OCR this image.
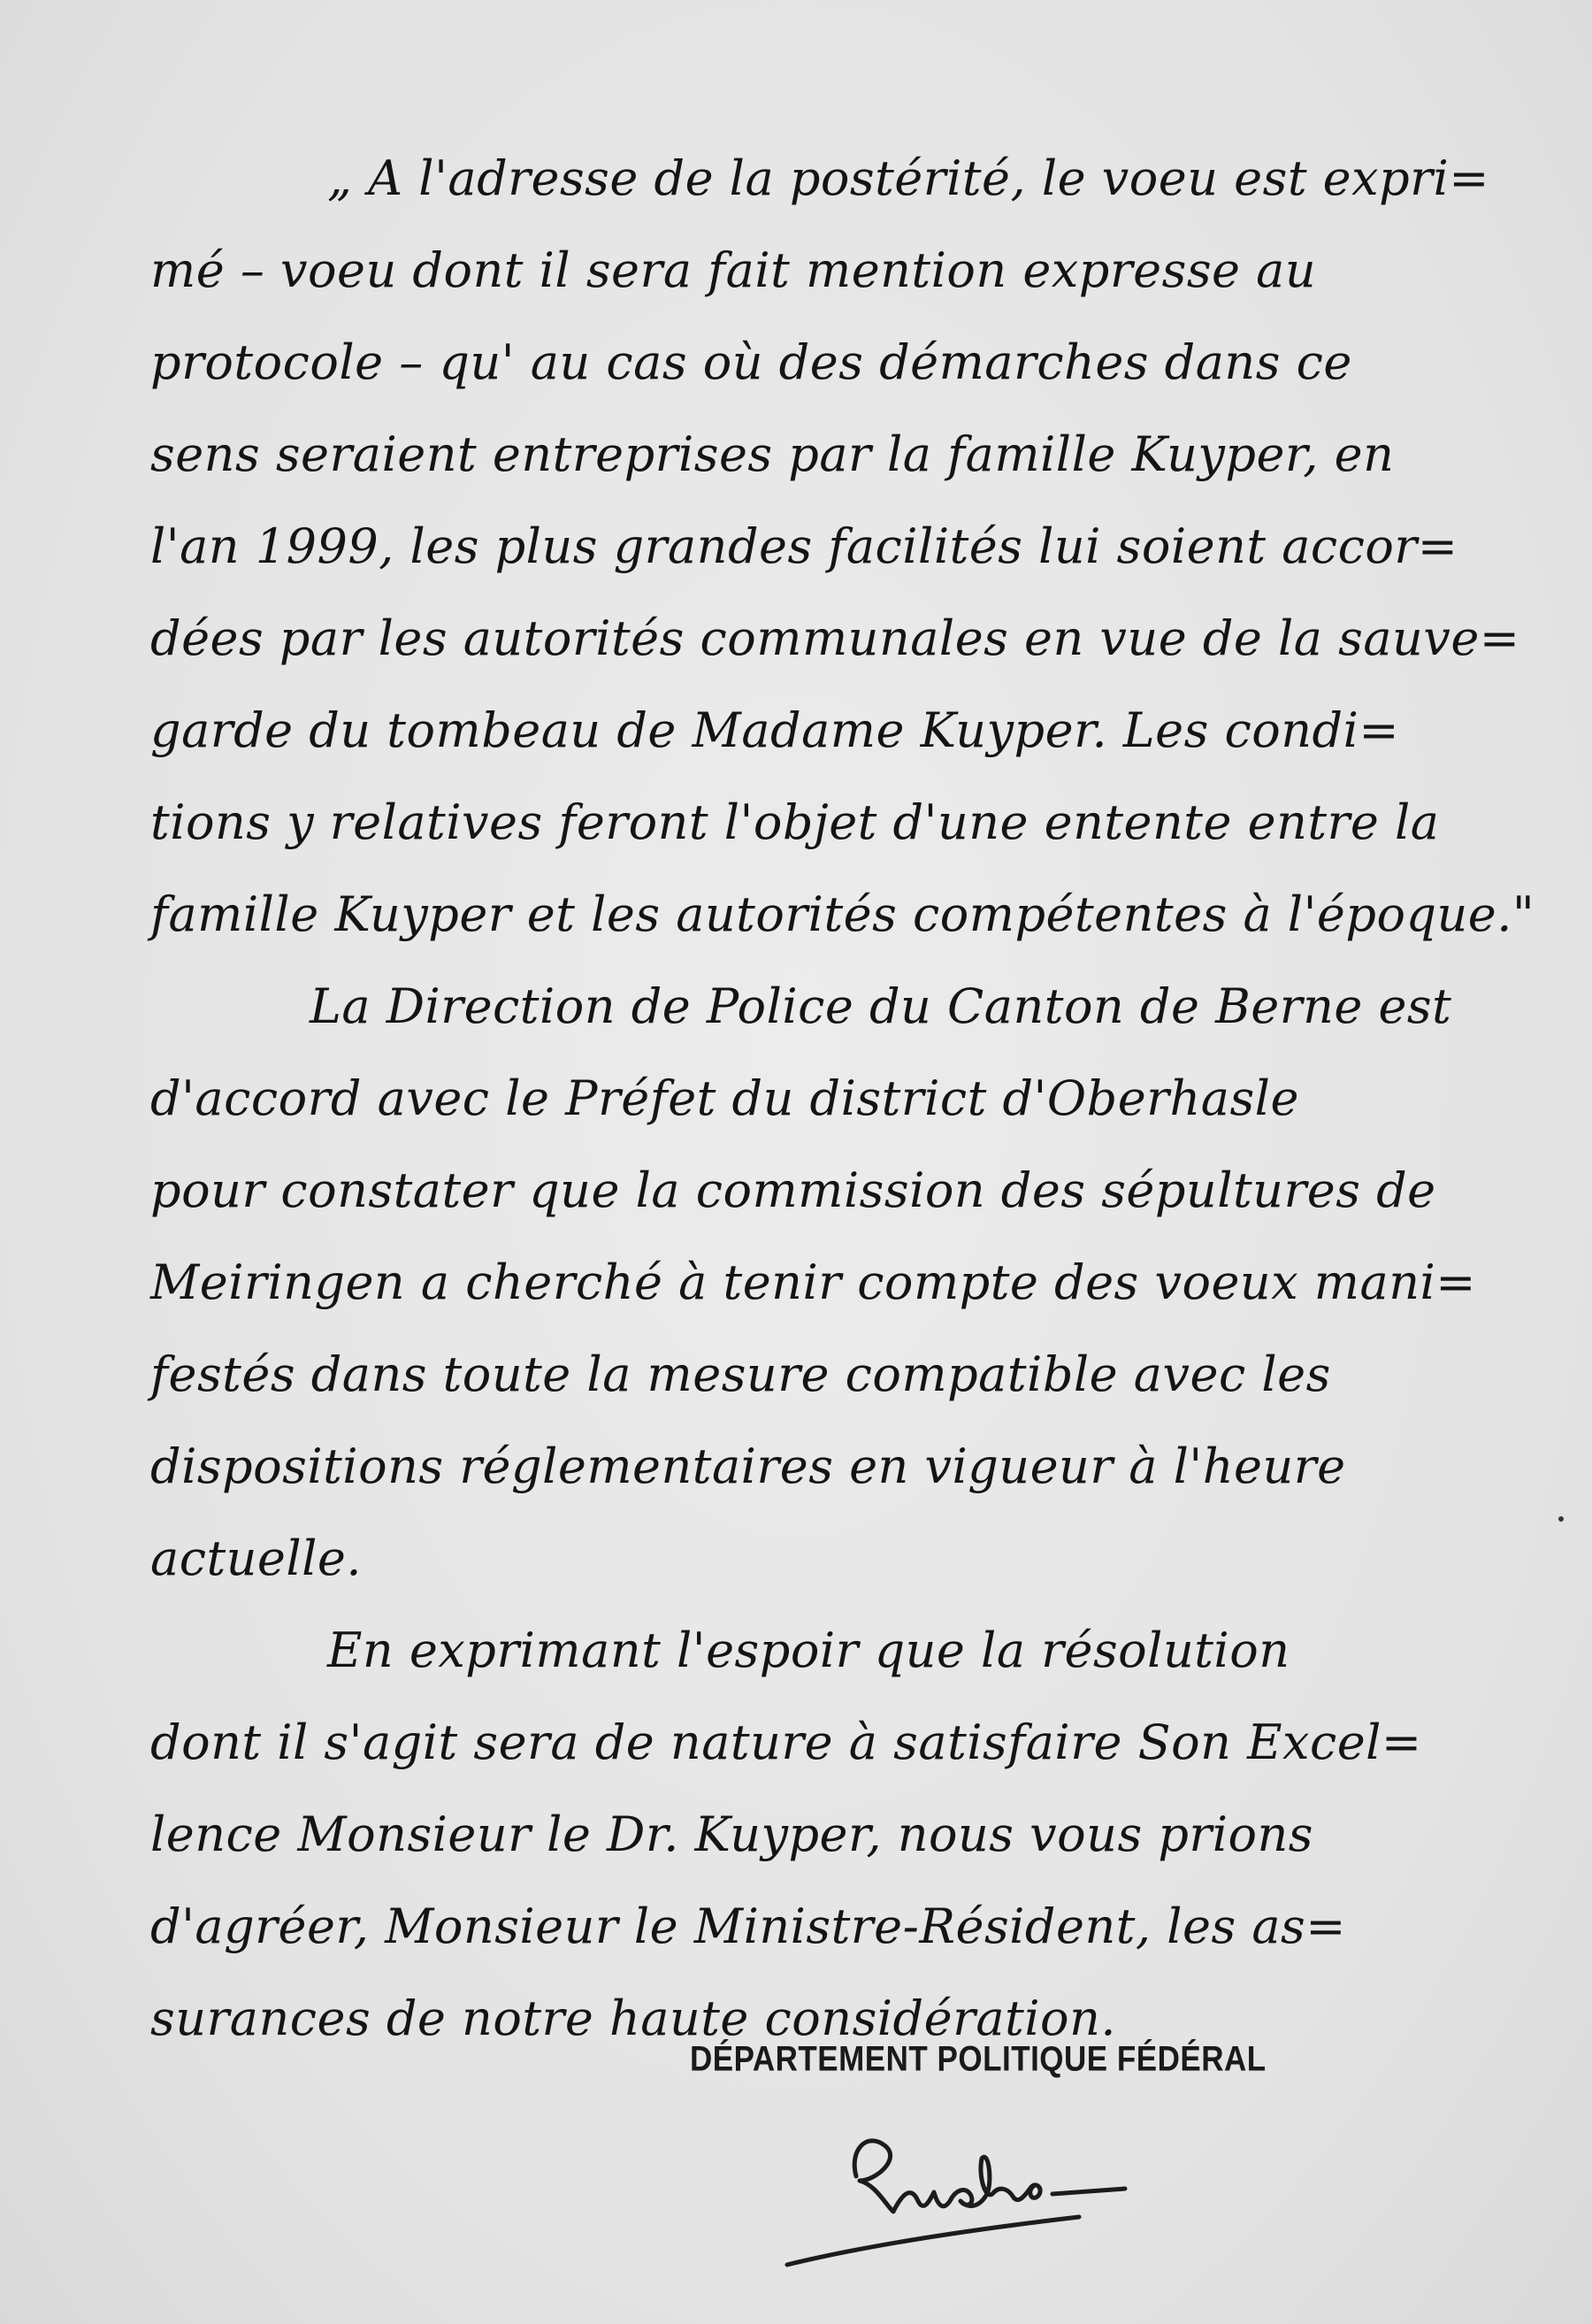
„ A l'adresse de la postérité, le voeu est expri=
mé – voeu dont il sera fait mention expresse au
protocole – qu' au cas où des démarches dans ce
sens seraient entreprises par la famille Kuyper, en
l'an 1999, les plus grandes facilités lui soient accor=
dées par les autorités communales en vue de la sauve=
garde du tombeau de Madame Kuyper. Les condi=
tions y relatives feront l'objet d'une entente entre la
famille Kuyper et les autorités compétentes à l'époque."
La Direction de Police du Canton de Berne est
d'accord avec le Préfet du district d'Oberhasle
pour constater que la commission des sépultures de
Meiringen a cherché à tenir compte des voeux mani=
festés dans toute la mesure compatible avec les
dispositions réglementaires en vigueur à l'heure
actuelle.
En exprimant l'espoir que la résolution
dont il s'agit sera de nature à satisfaire Son Excel=
lence Monsieur le Dr. Kuyper, nous vous prions
d'agréer, Monsieur le Ministre-Résident, les as=
surances de notre haute considération.
DÉPARTEMENT POLITIQUE FÉDÉRAL
